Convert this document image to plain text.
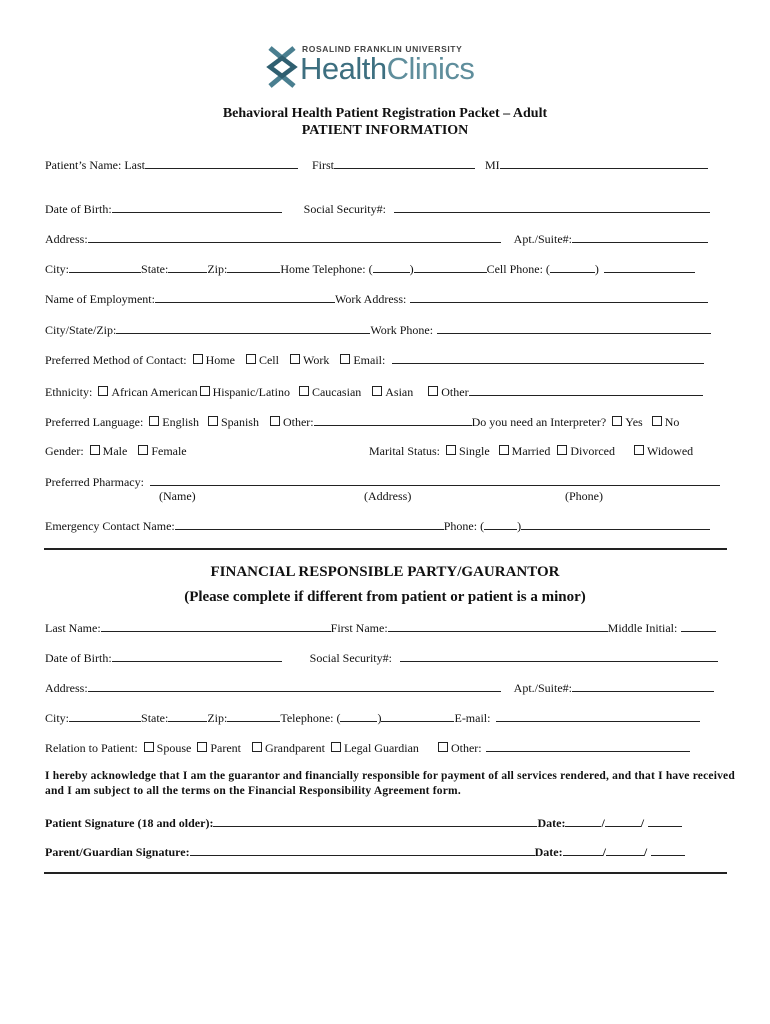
ROSALIND FRANKLIN UNIVERSITY
HealthClinics
Behavioral Health Patient Registration Packet – Adult
PATIENT INFORMATION
Patient’s Name: Last	First	MI
Date of Birth:	Social Security#:
Address:	Apt./Suite#:
City:	State:	Zip:	Home Telephone: (	)	Cell Phone: (	)
Name of Employment:	Work Address:
City/State/Zip:	Work Phone:
Preferred Method of Contact: Home Cell Work Email:
Ethnicity: African American Hispanic/Latino Caucasian Asian Other
Preferred Language: English Spanish Other:	Do you need an Interpreter? Yes No
Gender: Male Female	Marital Status: Single Married Divorced	Widowed
Preferred Pharmacy:
(Name)	(Address)	(Phone)
Emergency Contact Name:	Phone: (	)
FINANCIAL RESPONSIBLE PARTY/GAURANTOR
(Please complete if different from patient or patient is a minor)
Last Name:	First Name:	Middle Initial:
Date of Birth:	Social Security#:
Address:	Apt./Suite#:
City:	State:	Zip:	Telephone: (	)	E-mail:
Relation to Patient: Spouse Parent Grandparent Legal Guardian	Other:
I hereby acknowledge that I am the guarantor and financially responsible for payment of all services rendered, and that I have received and I am subject to all the terms on the Financial Responsibility Agreement form.
Patient Signature (18 and older):	Date:	/	/
Parent/Guardian Signature:	Date:	/	/
